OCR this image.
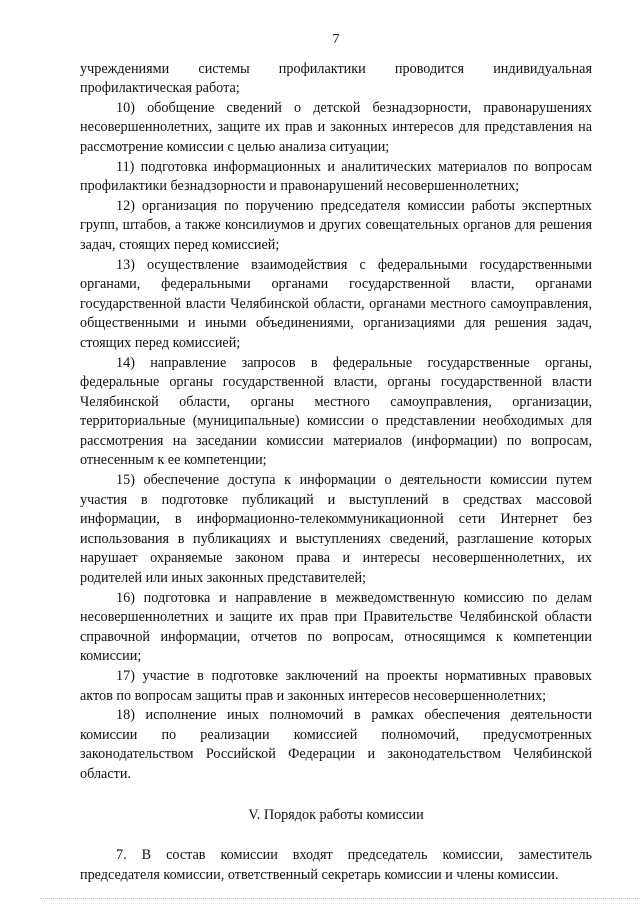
7

учреждениями системы профилактики проводится индивидуальная профилактическая работа;

10) обобщение сведений о детской безнадзорности, правонарушениях несовершеннолетних, защите их прав и законных интересов для представления на рассмотрение комиссии с целью анализа ситуации;

11) подготовка информационных и аналитических материалов по вопросам профилактики безнадзорности и правонарушений несовершеннолетних;

12) организация по поручению председателя комиссии работы экспертных групп, штабов, а также консилиумов и других совещательных органов для решения задач, стоящих перед комиссией;

13) осуществление взаимодействия с федеральными государственными органами, федеральными органами государственной власти, органами государственной власти Челябинской области, органами местного самоуправления, общественными и иными объединениями, организациями для решения задач, стоящих перед комиссией;

14) направление запросов в федеральные государственные органы, федеральные органы государственной власти, органы государственной власти Челябинской области, органы местного самоуправления, организации, территориальные (муниципальные) комиссии о представлении необходимых для рассмотрения на заседании комиссии материалов (информации) по вопросам, отнесенным к ее компетенции;

15) обеспечение доступа к информации о деятельности комиссии путем участия в подготовке публикаций и выступлений в средствах массовой информации, в информационно-телекоммуникационной сети Интернет без использования в публикациях и выступлениях сведений, разглашение которых нарушает охраняемые законом права и интересы несовершеннолетних, их родителей или иных законных представителей;

16) подготовка и направление в межведомственную комиссию по делам несовершеннолетних и защите их прав при Правительстве Челябинской области справочной информации, отчетов по вопросам, относящимся к компетенции комиссии;

17) участие в подготовке заключений на проекты нормативных правовых актов по вопросам защиты прав и законных интересов несовершеннолетних;

18) исполнение иных полномочий в рамках обеспечения деятельности комиссии по реализации комиссией полномочий, предусмотренных законодательством Российской Федерации и законодательством Челябинской области.

V. Порядок работы комиссии

7. В состав комиссии входят председатель комиссии, заместитель председателя комиссии, ответственный секретарь комиссии и члены комиссии.
